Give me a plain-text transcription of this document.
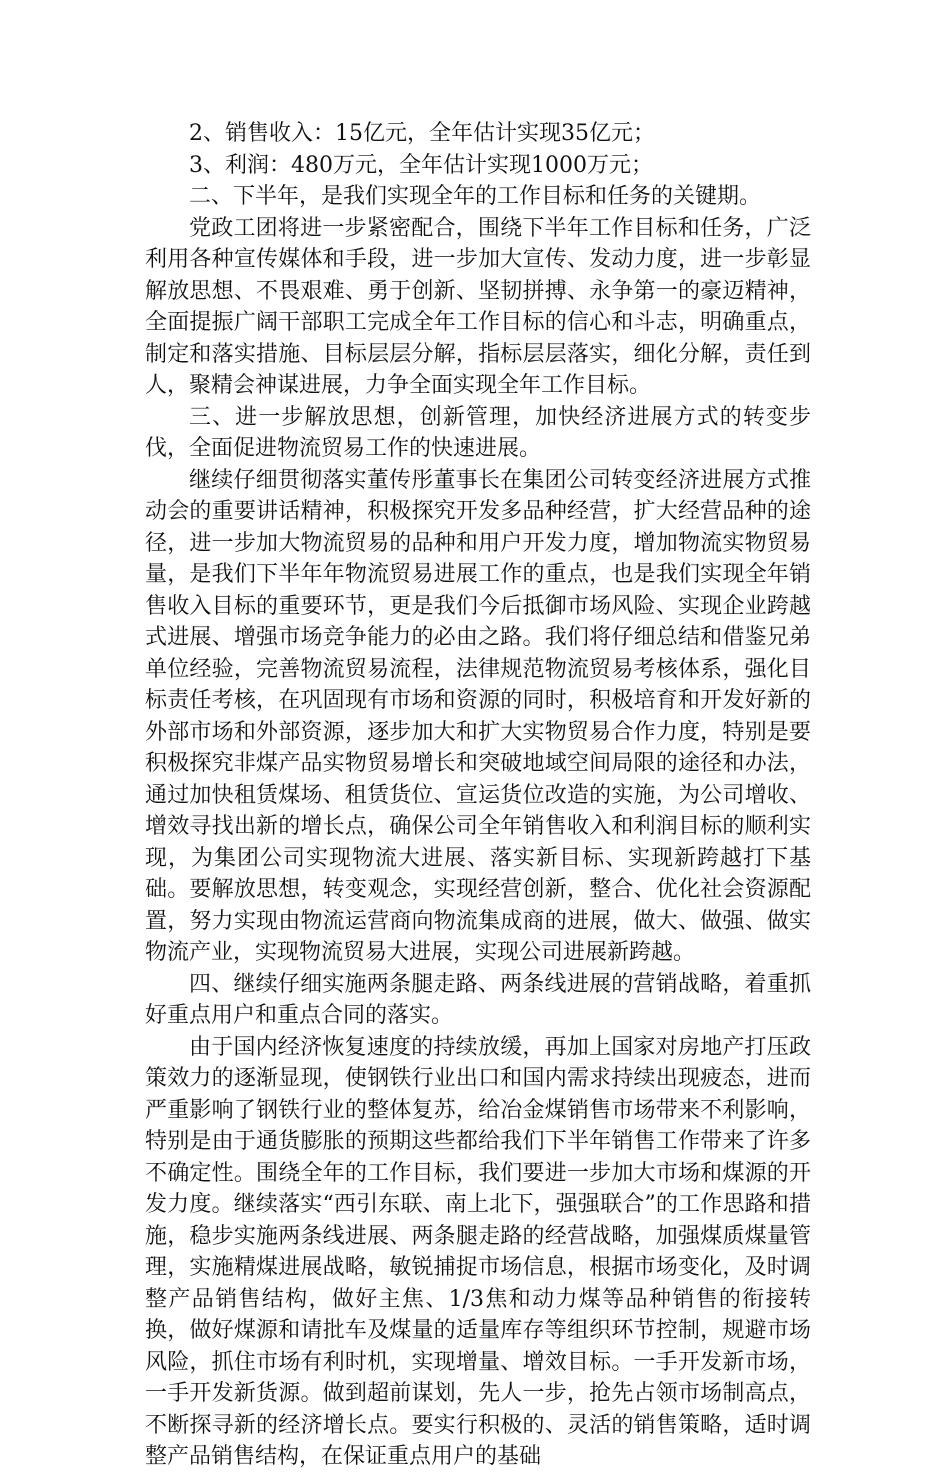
2、销售收入：15亿元，全年估计实现35亿元；

3、利润：480万元，全年估计实现1000万元；

二、下半年，是我们实现全年的工作目标和任务的关键期。

党政工团将进一步紧密配合，围绕下半年工作目标和任务，广泛利用各种宣传媒体和手段，进一步加大宣传、发动力度，进一步彰显解放思想、不畏艰难、勇于创新、坚韧拼搏、永争第一的豪迈精神，全面提振广阔干部职工完成全年工作目标的信心和斗志，明确重点，制定和落实措施、目标层层分解，指标层层落实，细化分解，责任到人，聚精会神谋进展，力争全面实现全年工作目标。

三、进一步解放思想，创新管理，加快经济进展方式的转变步伐，全面促进物流贸易工作的快速进展。

继续仔细贯彻落实董传彤董事长在集团公司转变经济进展方式推动会的重要讲话精神，积极探究开发多品种经营，扩大经营品种的途径，进一步加大物流贸易的品种和用户开发力度，增加物流实物贸易量，是我们下半年年物流贸易进展工作的重点，也是我们实现全年销售收入目标的重要环节，更是我们今后抵御市场风险、实现企业跨越式进展、增强市场竞争能力的必由之路。我们将仔细总结和借鉴兄弟单位经验，完善物流贸易流程，法律规范物流贸易考核体系，强化目标责任考核，在巩固现有市场和资源的同时，积极培育和开发好新的外部市场和外部资源，逐步加大和扩大实物贸易合作力度，特别是要积极探究非煤产品实物贸易增长和突破地域空间局限的途径和办法，通过加快租赁煤场、租赁货位、宣运货位改造的实施，为公司增收、增效寻找出新的增长点，确保公司全年销售收入和利润目标的顺利实现，为集团公司实现物流大进展、落实新目标、实现新跨越打下基础。要解放思想，转变观念，实现经营创新，整合、优化社会资源配置，努力实现由物流运营商向物流集成商的进展，做大、做强、做实物流产业，实现物流贸易大进展，实现公司进展新跨越。

四、继续仔细实施两条腿走路、两条线进展的营销战略，着重抓好重点用户和重点合同的落实。

由于国内经济恢复速度的持续放缓，再加上国家对房地产打压政策效力的逐渐显现，使钢铁行业出口和国内需求持续出现疲态，进而严重影响了钢铁行业的整体复苏，给冶金煤销售市场带来不利影响，特别是由于通货膨胀的预期这些都给我们下半年销售工作带来了许多不确定性。围绕全年的工作目标，我们要进一步加大市场和煤源的开发力度。继续落实“西引东联、南上北下，强强联合”的工作思路和措施，稳步实施两条线进展、两条腿走路的经营战略，加强煤质煤量管理，实施精煤进展战略，敏锐捕捉市场信息，根据市场变化，及时调整产品销售结构，做好主焦、1/3焦和动力煤等品种销售的衔接转换，做好煤源和请批车及煤量的适量库存等组织环节控制，规避市场风险，抓住市场有利时机，实现增量、增效目标。一手开发新市场，一手开发新货源。做到超前谋划，先人一步，抢先占领市场制高点，不断探寻新的经济增长点。要实行积极的、灵活的销售策略，适时调整产品销售结构，在保证重点用户的基础
